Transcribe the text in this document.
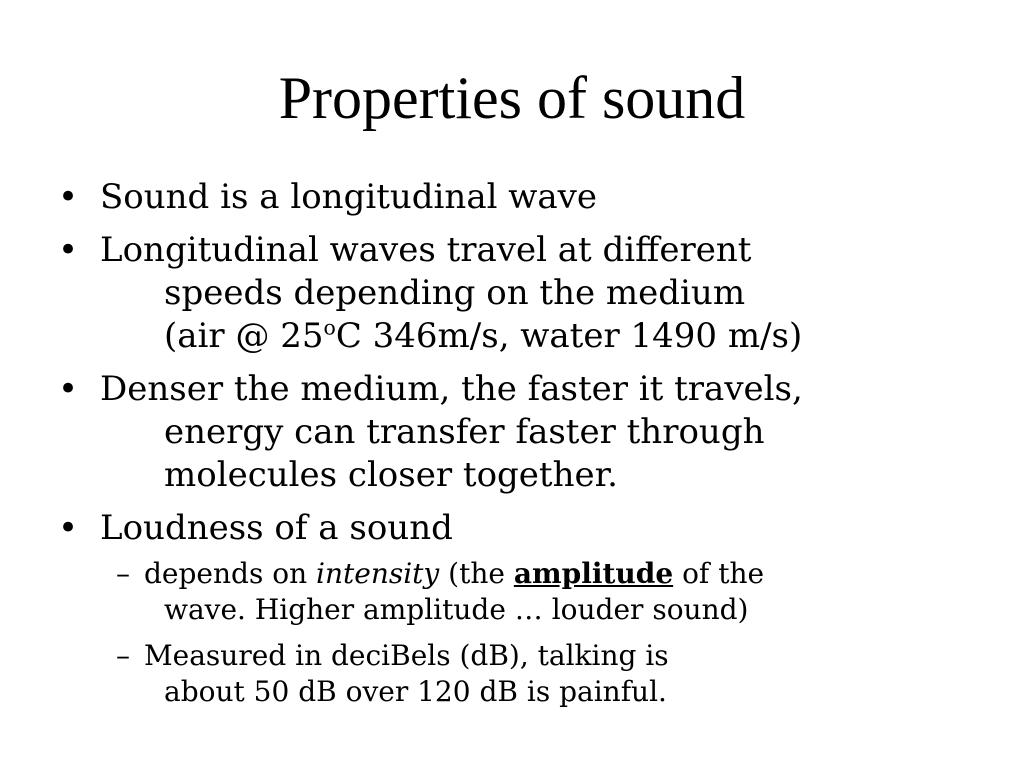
Properties of sound
• Sound is a longitudinal wave
• Longitudinal waves travel at different
speeds depending on the medium
(air @ 25$^o$C 346m/s, water 1490 m/s)
• Denser the medium, the faster it travels,
energy can transfer faster through
molecules closer together.
• Loudness of a sound
– depends on intensity (the amplitude of the
wave. Higher amplitude … louder sound)
– Measured in deciBels (dB), talking is
about 50 dB over 120 dB is painful.
